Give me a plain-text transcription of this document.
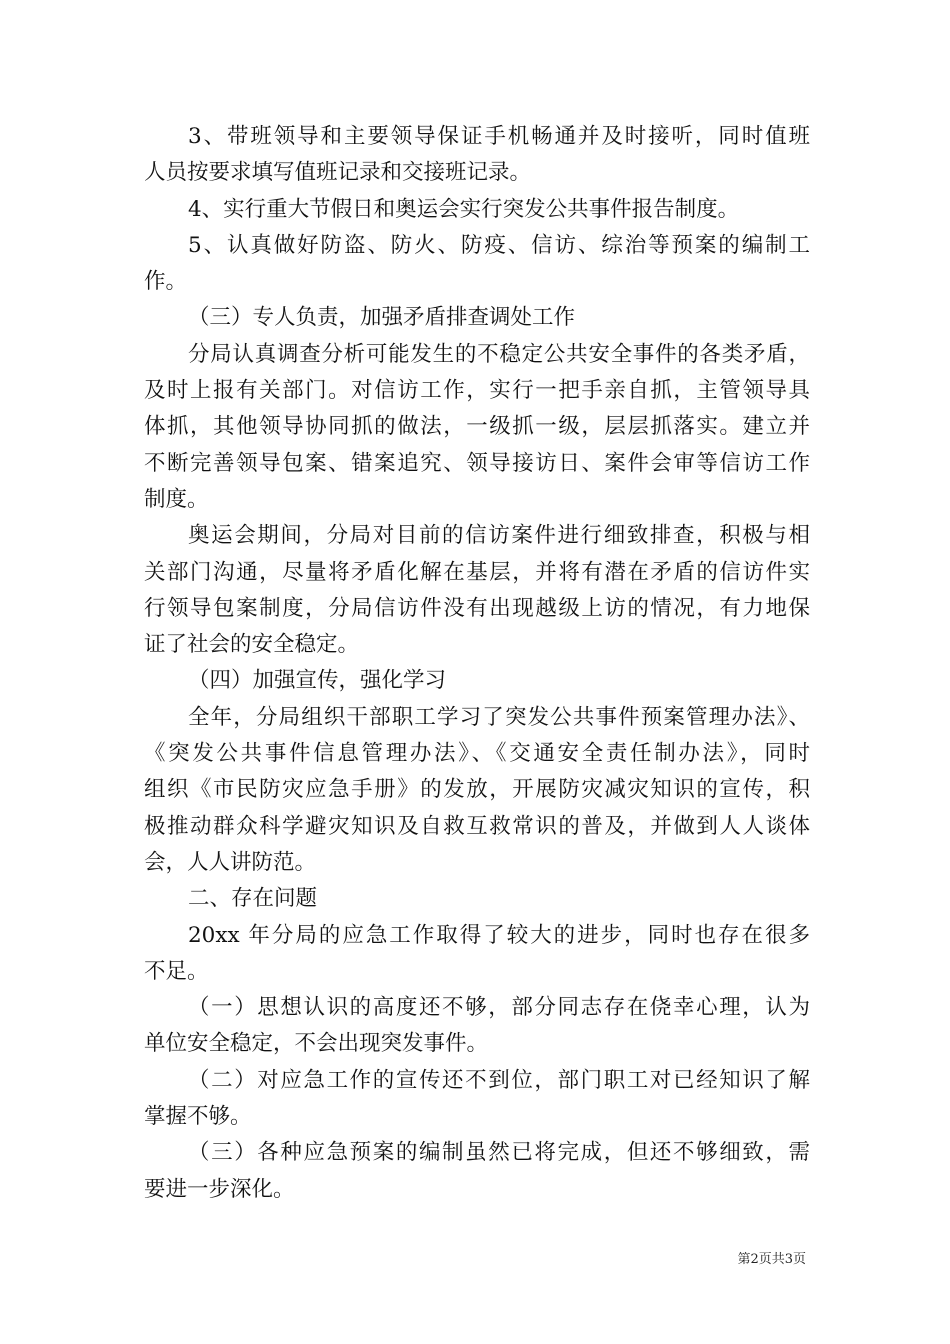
3、带班领导和主要领导保证手机畅通并及时接听，同时值班
人员按要求填写值班记录和交接班记录。
4、实行重大节假日和奥运会实行突发公共事件报告制度。
5、认真做好防盗、防火、防疫、信访、综治等预案的编制工
作。
（三）专人负责，加强矛盾排查调处工作
分局认真调查分析可能发生的不稳定公共安全事件的各类矛盾，
及时上报有关部门。对信访工作，实行一把手亲自抓，主管领导具
体抓，其他领导协同抓的做法，一级抓一级，层层抓落实。建立并
不断完善领导包案、错案追究、领导接访日、案件会审等信访工作
制度。
奥运会期间，分局对目前的信访案件进行细致排查，积极与相
关部门沟通，尽量将矛盾化解在基层，并将有潜在矛盾的信访件实
行领导包案制度，分局信访件没有出现越级上访的情况，有力地保
证了社会的安全稳定。
（四）加强宣传，强化学习
全年，分局组织干部职工学习了突发公共事件预案管理办法》、
《突发公共事件信息管理办法》、《交通安全责任制办法》，同时
组织《市民防灾应急手册》的发放，开展防灾减灾知识的宣传，积
极推动群众科学避灾知识及自救互救常识的普及，并做到人人谈体
会，人人讲防范。
二、存在问题
20xx 年分局的应急工作取得了较大的进步，同时也存在很多
不足。
（一）思想认识的高度还不够，部分同志存在侥幸心理，认为
单位安全稳定，不会出现突发事件。
（二）对应急工作的宣传还不到位，部门职工对已经知识了解
掌握不够。
（三）各种应急预案的编制虽然已将完成，但还不够细致，需
要进一步深化。
第2页共3页
